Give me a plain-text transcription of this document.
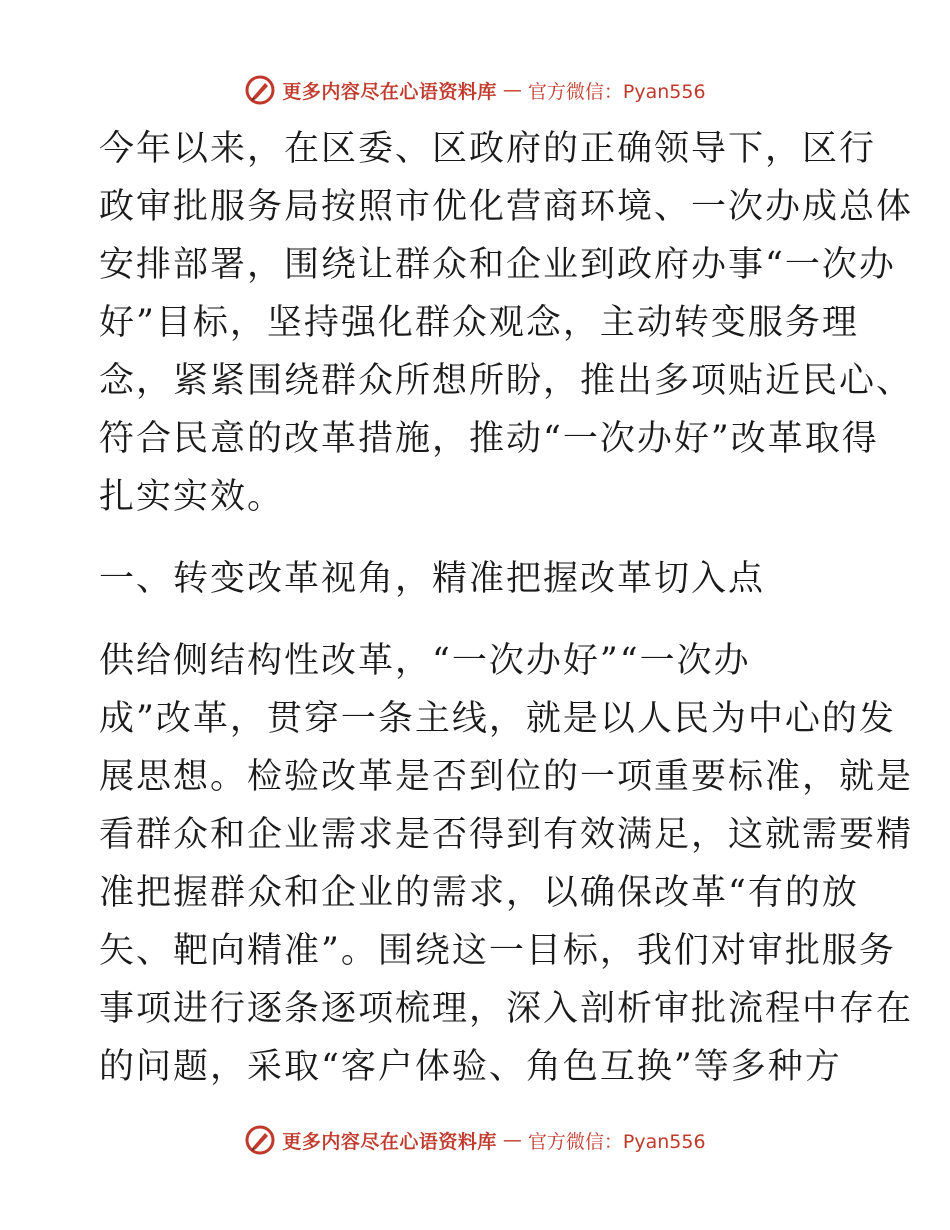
更多内容尽在心语资料库 — 官方微信：Pyan556
今年以来，在区委、区政府的正确领导下，区行
政审批服务局按照市优化营商环境、一次办成总体
安排部署，围绕让群众和企业到政府办事“一次办
好”目标，坚持强化群众观念，主动转变服务理
念，紧紧围绕群众所想所盼，推出多项贴近民心、
符合民意的改革措施，推动“一次办好”改革取得
扎实实效。
一、转变改革视角，精准把握改革切入点
供给侧结构性改革，“一次办好”“一次办
成”改革，贯穿一条主线，就是以人民为中心的发
展思想。检验改革是否到位的一项重要标准，就是
看群众和企业需求是否得到有效满足，这就需要精
准把握群众和企业的需求，以确保改革“有的放
矢、靶向精准”。围绕这一目标，我们对审批服务
事项进行逐条逐项梳理，深入剖析审批流程中存在
的问题，采取“客户体验、角色互换”等多种方
更多内容尽在心语资料库 — 官方微信：Pyan556
